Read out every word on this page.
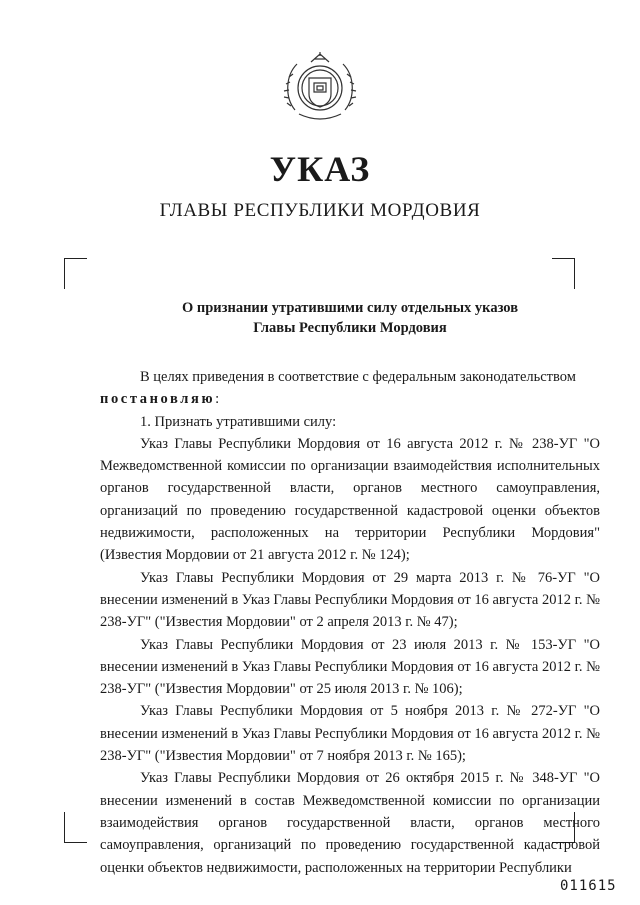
УКАЗ
ГЛАВЫ РЕСПУБЛИКИ МОРДОВИЯ
О признании утратившими силу отдельных указов
Главы Республики Мордовия

В целях приведения в соответствие с федеральным законодательством

постановляю:

1. Признать утратившими силу:

Указ Главы Республики Мордовия от 16 августа 2012 г. № 238-УГ "О Межведомственной комиссии по организации взаимодействия исполнительных органов государственной власти, органов местного самоуправления, организаций по проведению государственной кадастровой оценки объектов недвижимости, расположенных на территории Республики Мордовия" (Известия Мордовии от 21 августа 2012 г. № 124);

Указ Главы Республики Мордовия от 29 марта 2013 г. № 76-УГ "О внесении изменений в Указ Главы Республики Мордовия от 16 августа 2012 г. № 238-УГ" ("Известия Мордовии" от 2 апреля 2013 г. № 47);

Указ Главы Республики Мордовия от 23 июля 2013 г. № 153-УГ "О внесении изменений в Указ Главы Республики Мордовия от 16 августа 2012 г. № 238-УГ" ("Известия Мордовии" от 25 июля 2013 г. № 106);

Указ Главы Республики Мордовия от 5 ноября 2013 г. № 272-УГ "О внесении изменений в Указ Главы Республики Мордовия от 16 августа 2012 г. № 238-УГ" ("Известия Мордовии" от 7 ноября 2013 г. № 165);

Указ Главы Республики Мордовия от 26 октября 2015 г. № 348-УГ "О внесении изменений в состав Межведомственной комиссии по организации взаимодействия органов государственной власти, органов местного самоуправления, организаций по проведению государственной кадастровой оценки объектов недвижимости, расположенных на территории Республики

011615
